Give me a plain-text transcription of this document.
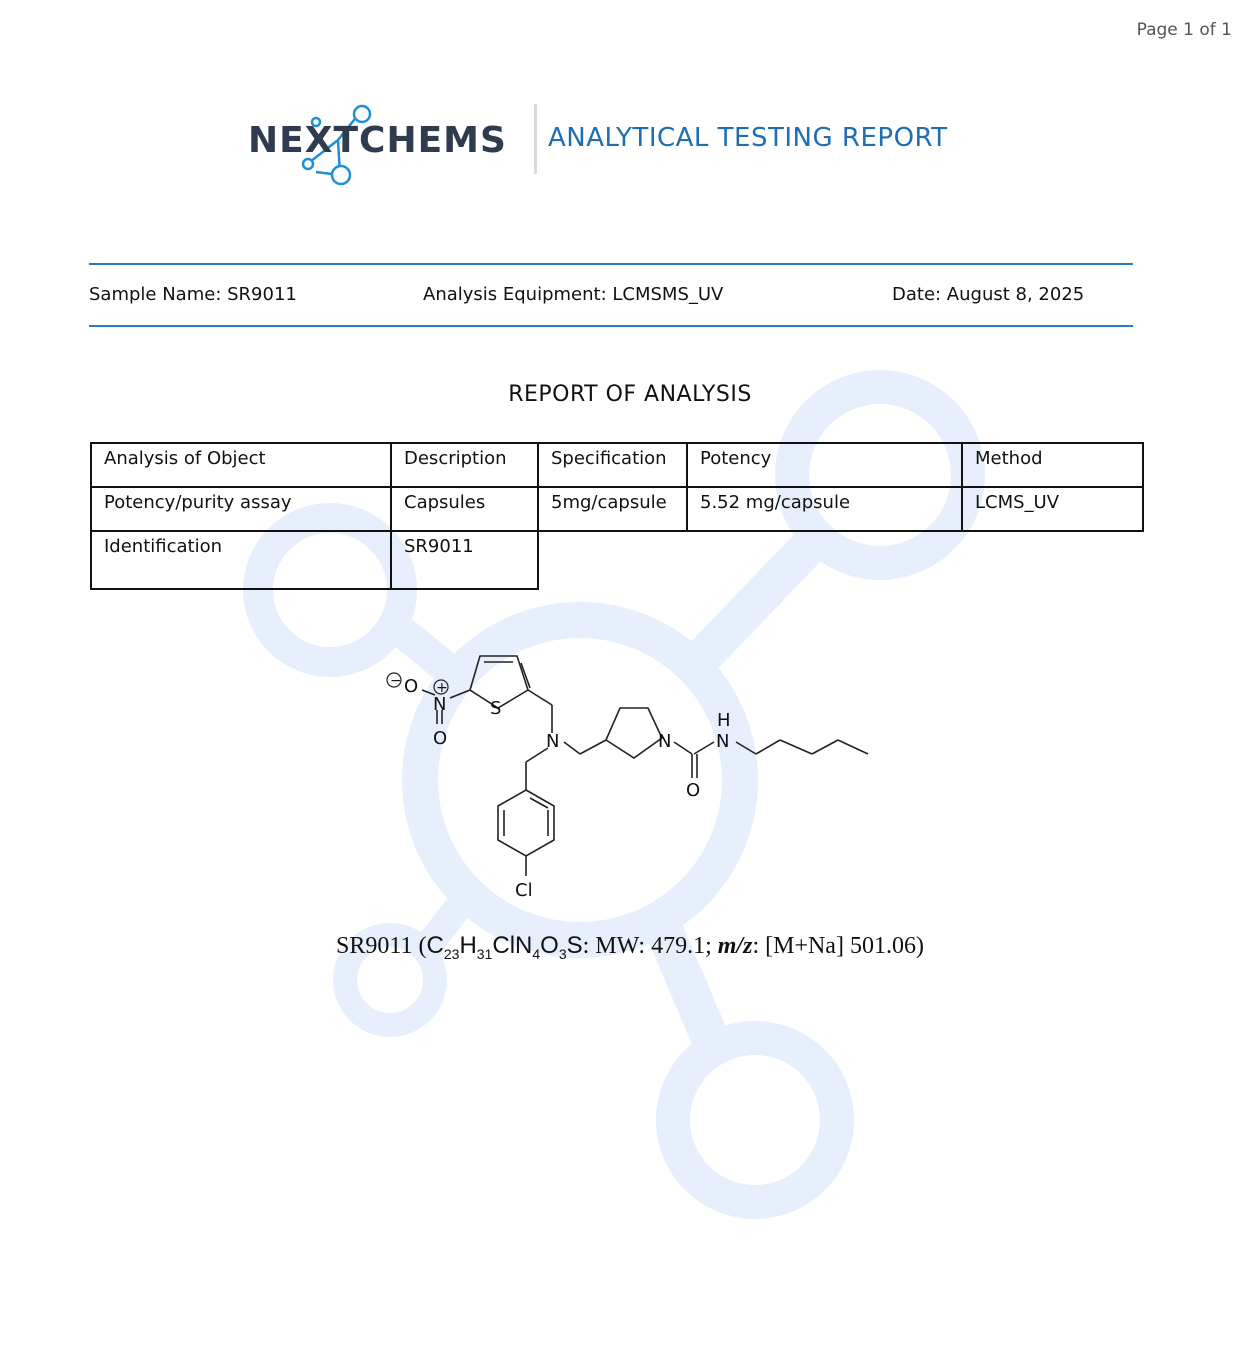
Page 1 of 1
NEXTCHEMS ANALYTICAL TESTING REPORT
Sample Name: SR9011	Analysis Equipment: LCMSMS_UV	Date: August 8, 2025
REPORT OF ANALYSIS
Analysis of Object	Description	Specification	Potency	Method
Potency/purity assay	Capsules	5mg/capsule	5.52 mg/capsule	LCMS_UV
Identification	SR9011			
O
N
O
S
N	N
H
N
O
Cl
− +
SR9011 ($C_{23}H_{31}ClN_4O_3S$: MW: 479.1; m/z: [M+Na] 501.06)
